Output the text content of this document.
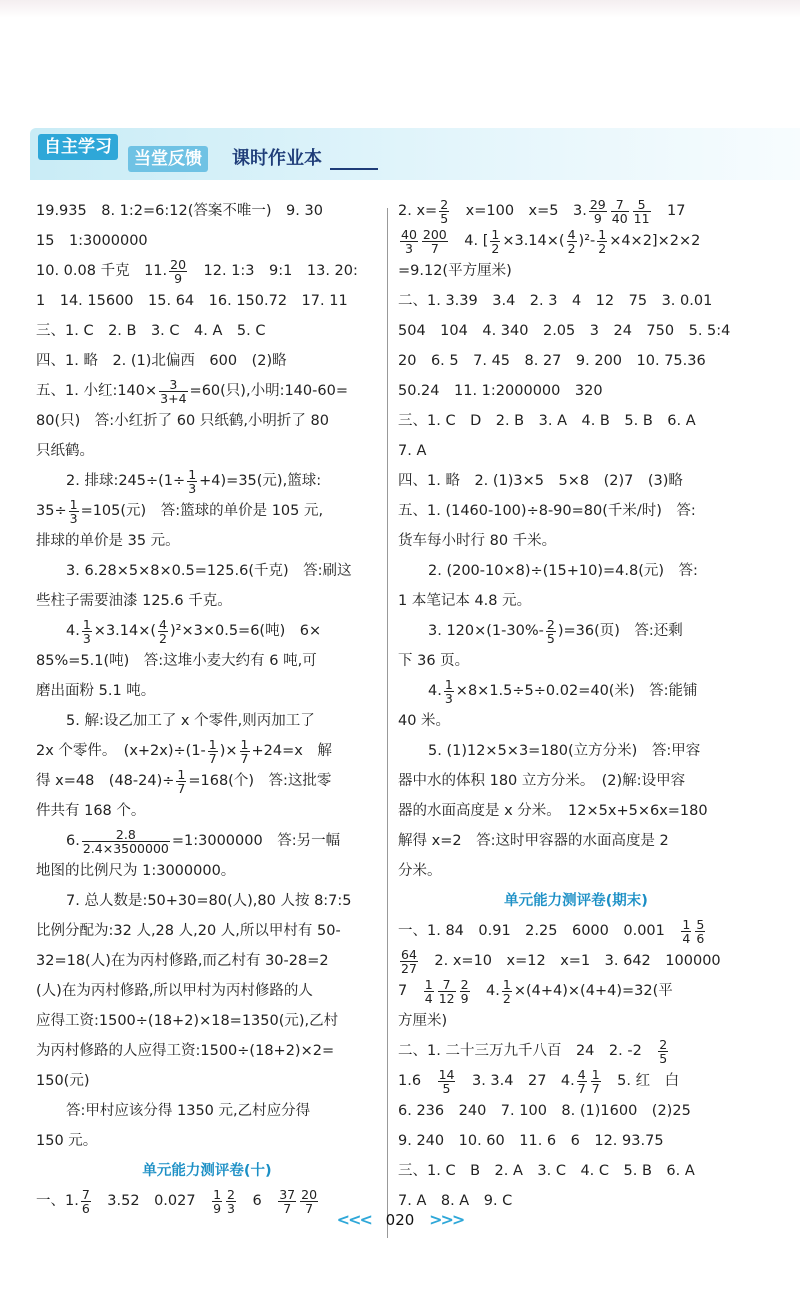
自主学习
当堂反馈	课时作业本
19.935　8. 1:2=6:12(答案不唯一)　9. 30
15　1:3000000
10. 0.08 千克　11. $\frac{20}{9}$ 　12. 1:3　9:1　13. 20:
1　14. 15600　15. 64　16. 150.72　17. 11
三、1. C　2. B　3. C　4. A　5. C
四、1. 略　2. (1)北偏西　600　(2)略
五、1. 小红:140× $\frac{3}{3+4} =60$(只),小明:140-60=
80(只)　答:小红折了 60 只纸鹤,小明折了 80
只纸鹤。
2. 排球:245÷(1÷ $\frac{1}{3} +4)=35$(元),篮球:
$35\div \frac{1}{3} =105$(元)　答:篮球的单价是 105 元,
排球的单价是 35 元。
3. 6.28×5×8×0.5=125.6(千克)　答:刷这
些柱子需要油漆 125.6 千克。
4. $\frac{1}{3} \times 3.14\times( \frac{4}{2} )^2\times 3\times 0.5=6$(吨)　6×
85%=5.1(吨)　答:这堆小麦大约有 6 吨,可
磨出面粉 5.1 吨。
5. 解:设乙加工了 x 个零件,则丙加工了
2x 个零件。　$(x+2x)\div(1- \frac{1}{7}$ )× $\frac{1}{7} +24=x$　解
得 x=48　$(48-24)\div \frac{1}{7} =168$(个)　答:这批零
件共有 168 个。
6. $\frac{2.8}{2.4\times 3500000}$ =1:3000000　答:另一幅
地图的比例尺为 1:3000000。
7. 总人数是:50+30=80(人),80 人按 8:7:5
比例分配为:32 人,28 人,20 人,所以甲村有 50-
32=18(人)在为丙村修路,而乙村有 30-28=2
(人)在为丙村修路,所以甲村为丙村修路的人
应得工资:1500÷(18+2)×18=1350(元),乙村
为丙村修路的人应得工资:1500÷(18+2)×2=
150(元)
答:甲村应该分得 1350 元,乙村应分得
150 元。
单元能力测评卷(十)
一、1. $\frac{7}{6}$ 　3.52　0.027　 $\frac{1}{9} \frac{2}{3}$ 　6　 $\frac{37}{7} \frac{20}{7}$
2. $x= \frac{2}{5}$ 　x=100　x=5　3. $\frac{29}{9} \frac{7}{40} \frac{5}{11}$ 　17
$\frac{40}{3} \frac{200}{7}$ 　4. [ $\frac{1}{2} \times 3.14\times( \frac{4}{2} )^2- \frac{1}{2} \times 4\times 2]\times 2\times 2$
=9.12(平方厘米)
二、1. 3.39　3.4　2. 3　4　12　75　3. 0.01
504　104　4. 340　2.05　3　24　750　5. 5:4
20　6. 5　7. 45　8. 27　9. 200　10. 75.36
50.24　11. 1:2000000　320
三、1. C　D　2. B　3. A　4. B　5. B　6. A
7. A
四、1. 略　2. (1)3×5　5×8　(2)7　(3)略
五、1. (1460-100)÷8-90=80(千米/时)　答:
货车每小时行 80 千米。
2. (200-10×8)÷(15+10)=4.8(元)　答:
1 本笔记本 4.8 元。
3. $120\times(1-30\%- \frac{2}{5} )=36$(页)　答:还剩
下 36 页。
4. $\frac{1}{3} \times 8\times 1.5\div 5\div 0.02=40$(米)　答:能铺
40 米。
5. (1)12×5×3=180(立方分米)　答:甲容
器中水的体积 180 立方分米。　(2)解:设甲容
器的水面高度是 x 分米。　12×5x+5×6x=180
解得 x=2　答:这时甲容器的水面高度是 2
分米。
单元能力测评卷(期末)
一、1. 84　0.91　2.25　6000　0.001　 $\frac{1}{4} \frac{5}{6}$
$\frac{64}{27}$ 　2. x=10　x=12　x=1　3. 642　100000
7　 $\frac{1}{4} \frac{7}{12} \frac{2}{9}$ 　4. $\frac{1}{2} \times(4+4)\times(4+4)=32$(平
方厘米)
二、1. 二十三万九千八百　24　2. -2　 $\frac{2}{5}$
1.6　 $\frac{14}{5}$ 　3. 3.4　27　4. $\frac{4}{7} \frac{1}{7}$ 　5. 红　白
6. 236　240　7. 100　8. (1)1600　(2)25
9. 240　10. 60　11. 6　6　12. 93.75
三、1. C　B　2. A　3. C　4. C　5. B　6. A
7. A　8. A　9. C
<<< 020 >>>
